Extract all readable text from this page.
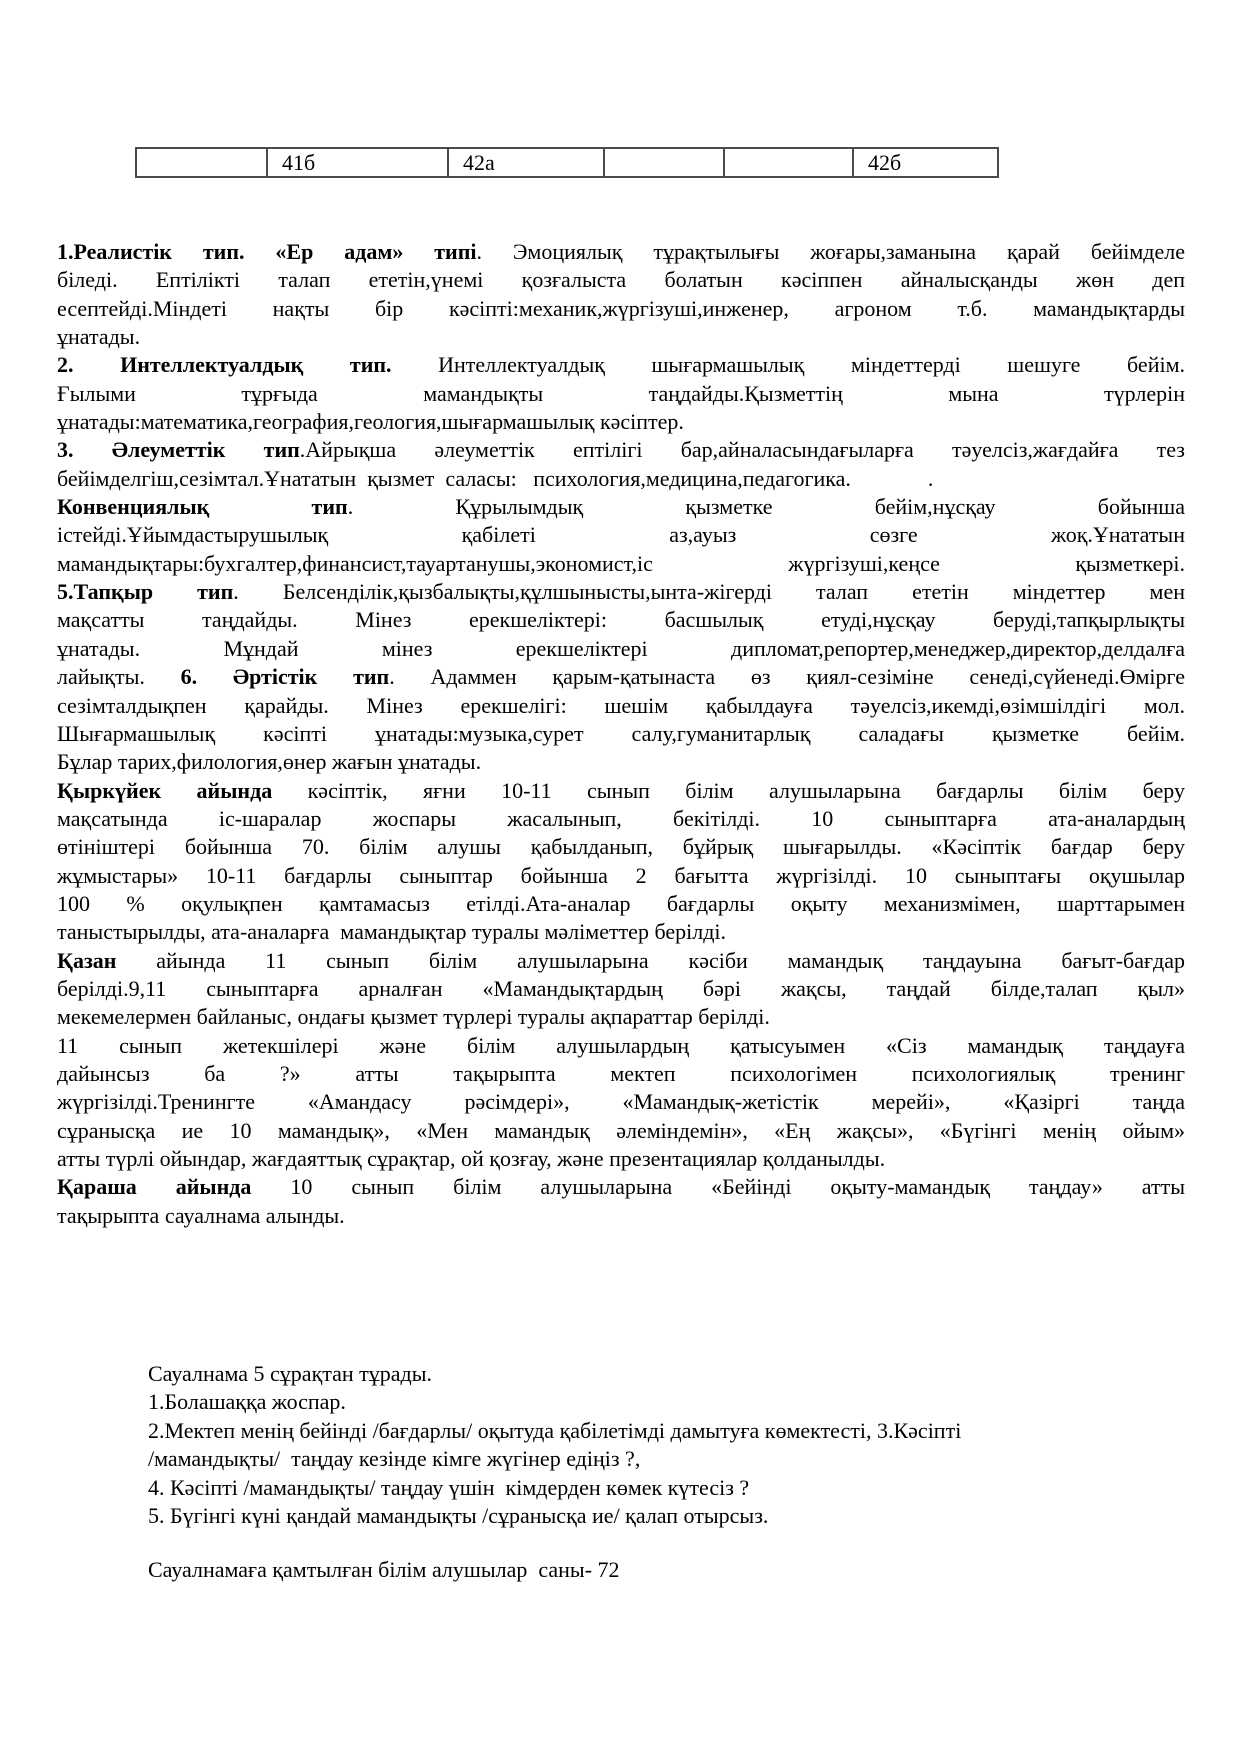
	41б	42а			42б
1.Реалистік тип. «Ер адам» типі. Эмоциялық тұрақтылығы жоғары,заманына қарай бейімделе
біледі. Ептілікті талап ететін,үнемі қозғалыста болатын кәсіппен айналысқанды жөн деп
есептейді.Міндеті нақты бір кәсіпті:механик,жүргізуші,инженер, агроном т.б. мамандықтарды
ұнатады.
2. Интеллектуалдық тип. Интеллектуалдық шығармашылық міндеттерді шешуге бейім.
Ғылыми тұрғыда мамандықты таңдайды.Қызметтің мына түрлерін
ұнатады:математика,география,геология,шығармашылық кәсіптер.
3. Әлеуметтік тип.Айрықша әлеуметтік ептілігі бар,айналасындағыларға тәуелсіз,жағдайға тез
бейімделгіш,сезімтал.Ұнататын  қызмет  саласы:   психология,медицина,педагогика.              .
Конвенциялық тип. Құрылымдық қызметке бейім,нұсқау бойынша
істейді.Ұйымдастырушылық қабілеті аз,ауыз сөзге жоқ.Ұнататын
мамандықтары:бухгалтер,финансист,тауартанушы,экономист,іс жүргізуші,кеңсе қызметкері.
5.Тапқыр тип. Белсенділік,қызбалықты,құлшынысты,ынта-жігерді талап ететін міндеттер мен
мақсатты таңдайды. Мінез ерекшеліктері: басшылық етуді,нұсқау беруді,тапқырлықты
ұнатады. Мұндай мінез ерекшеліктері дипломат,репортер,менеджер,директор,делдалға
лайықты. 6. Әртістік тип. Адаммен қарым-қатынаста өз қиял-сезіміне сенеді,сүйенеді.Өмірге
сезімталдықпен қарайды. Мінез ерекшелігі: шешім қабылдауға тәуелсіз,икемді,өзімшілдігі мол.
Шығармашылық кәсіпті ұнатады:музыка,сурет салу,гуманитарлық саладағы қызметке бейім.
Бұлар тарих,филология,өнер жағын ұнатады.
Қыркүйек айында кәсіптік, яғни 10-11 сынып білім алушыларына бағдарлы білім беру
мақсатында іс-шаралар жоспары жасалынып, бекітілді. 10 сыныптарға ата-аналардың
өтініштері бойынша 70. білім алушы қабылданып, бұйрық шығарылды. «Кәсіптік бағдар беру
жұмыстары» 10-11 бағдарлы сыныптар бойынша 2 бағытта жүргізілді. 10 сыныптағы оқушылар
100 % оқулықпен қамтамасыз етілді.Ата-аналар бағдарлы оқыту механизмімен, шарттарымен
таныстырылды, ата-аналарға  мамандықтар туралы мәліметтер берілді.
Қазан айында 11 сынып білім алушыларына кәсіби мамандық таңдауына бағыт-бағдар
берілді.9,11 сыныптарға арналған «Мамандықтардың бәрі жақсы, таңдай білде,талап қыл»
мекемелермен байланыс, ондағы қызмет түрлері туралы ақпараттар берілді.
11 сынып жетекшілері және білім алушылардың қатысуымен «Сіз мамандық таңдауға
дайынсыз ба ?» атты тақырыпта мектеп психологімен психологиялық тренинг
жүргізілді.Тренингте «Амандасу рәсімдері», «Мамандық-жетістік мерейі», «Қазіргі таңда
сұранысқа ие 10 мамандық», «Мен мамандық әлеміндемін», «Ең жақсы», «Бүгінгі менің ойым»
атты түрлі ойындар, жағдаяттық сұрақтар, ой қозғау, және презентациялар қолданылды.
Қараша айында 10 сынып білім алушыларына «Бейінді оқыту-мамандық таңдау» атты
тақырыпта сауалнама алынды.
Сауалнама 5 сұрақтан тұрады.
1.Болашаққа жоспар.
2.Мектеп менің бейінді /бағдарлы/ оқытуда қабілетімді дамытуға көмектесті, 3.Кәсіпті
/мамандықты/  таңдау кезінде кімге жүгінер едіңіз ?,
4. Кәсіпті /мамандықты/ таңдау үшін  кімдерден көмек күтесіз ?
5. Бүгінгі күні қандай мамандықты /сұранысқа ие/ қалап отырсыз.
Сауалнамаға қамтылған білім алушылар  саны- 72
